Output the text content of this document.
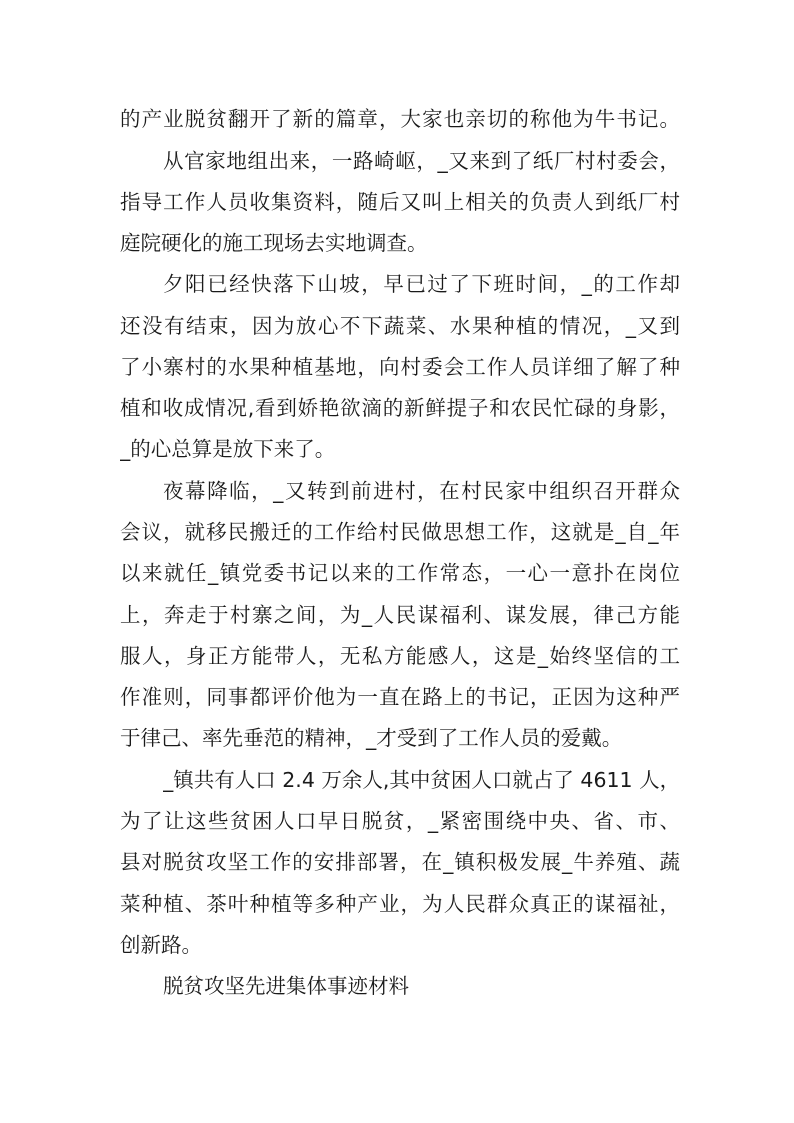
的产业脱贫翻开了新的篇章，大家也亲切的称他为牛书记。
从官家地组出来，一路崎岖，_又来到了纸厂村村委会，
指导工作人员收集资料，随后又叫上相关的负责人到纸厂村
庭院硬化的施工现场去实地调查。
夕阳已经快落下山坡，早已过了下班时间，_的工作却
还没有结束，因为放心不下蔬菜、水果种植的情况，_又到
了小寨村的水果种植基地，向村委会工作人员详细了解了种
植和收成情况,看到娇艳欲滴的新鲜提子和农民忙碌的身影，
_的心总算是放下来了。
夜幕降临，_又转到前进村，在村民家中组织召开群众
会议，就移民搬迁的工作给村民做思想工作，这就是_自_年
以来就任_镇党委书记以来的工作常态，一心一意扑在岗位
上，奔走于村寨之间，为_人民谋福利、谋发展，律己方能
服人，身正方能带人，无私方能感人，这是_始终坚信的工
作准则，同事都评价他为一直在路上的书记，正因为这种严
于律己、率先垂范的精神，_才受到了工作人员的爱戴。
_镇共有人口 2.4 万余人,其中贫困人口就占了 4611 人，
为了让这些贫困人口早日脱贫，_紧密围绕中央、省、市、
县对脱贫攻坚工作的安排部署，在_镇积极发展_牛养殖、蔬
菜种植、茶叶种植等多种产业，为人民群众真正的谋福祉，
创新路。
脱贫攻坚先进集体事迹材料
